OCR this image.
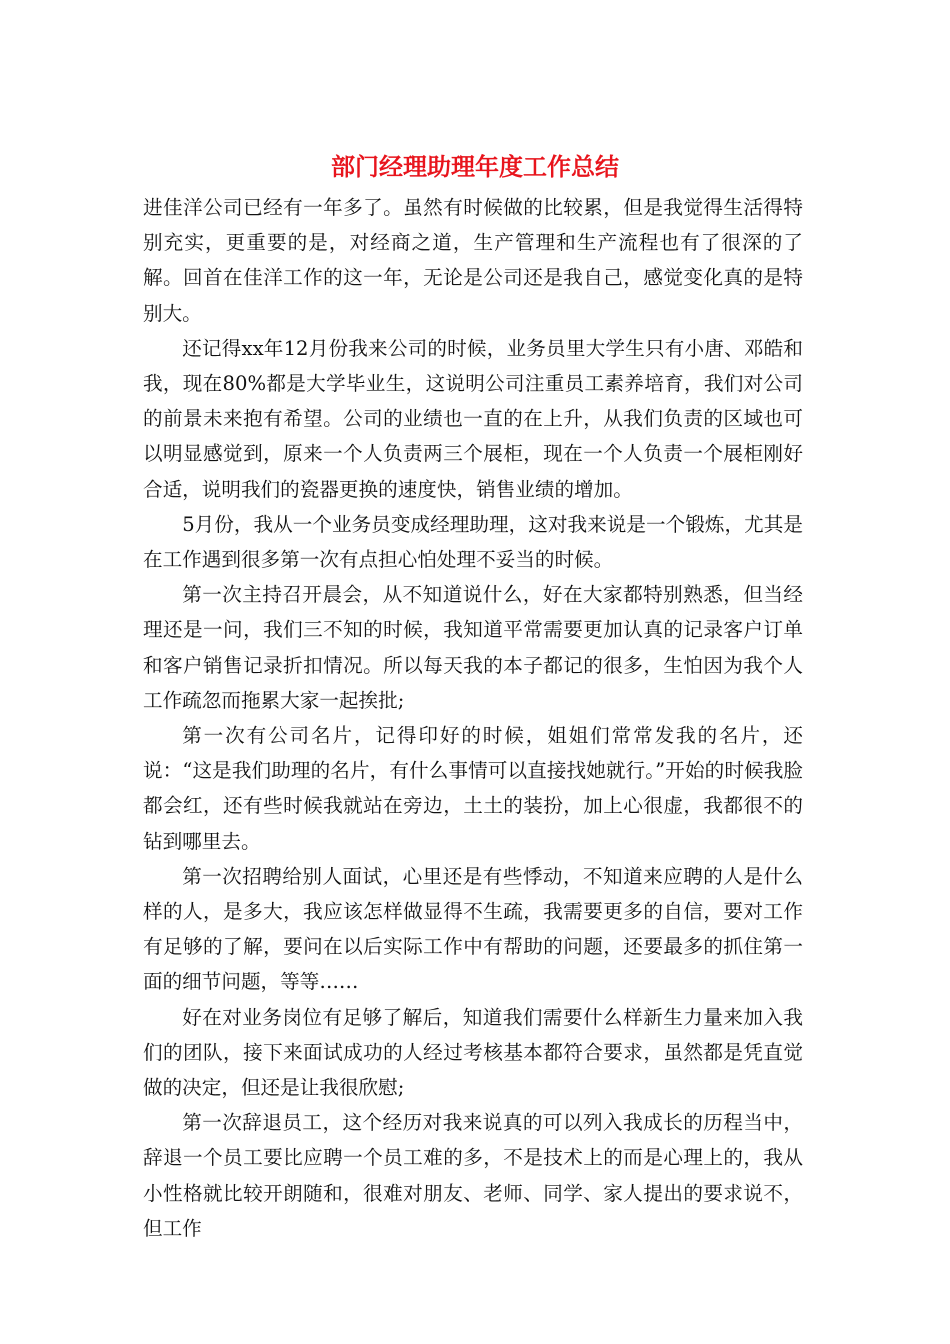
部门经理助理年度工作总结

进佳洋公司已经有一年多了。虽然有时候做的比较累，但是我觉得生活得特别充实，更重要的是，对经商之道，生产管理和生产流程也有了很深的了解。回首在佳洋工作的这一年，无论是公司还是我自己，感觉变化真的是特别大。

还记得xx年12月份我来公司的时候，业务员里大学生只有小唐、邓皓和我，现在80%都是大学毕业生，这说明公司注重员工素养培育，我们对公司的前景未来抱有希望。公司的业绩也一直的在上升，从我们负责的区域也可以明显感觉到，原来一个人负责两三个展柜，现在一个人负责一个展柜刚好合适，说明我们的瓷器更换的速度快，销售业绩的增加。

5月份，我从一个业务员变成经理助理，这对我来说是一个锻炼，尤其是在工作遇到很多第一次有点担心怕处理不妥当的时候。

第一次主持召开晨会，从不知道说什么，好在大家都特别熟悉，但当经理还是一问，我们三不知的时候，我知道平常需要更加认真的记录客户订单和客户销售记录折扣情况。所以每天我的本子都记的很多，生怕因为我个人工作疏忽而拖累大家一起挨批;

第一次有公司名片，记得印好的时候，姐姐们常常发我的名片，还说：“这是我们助理的名片，有什么事情可以直接找她就行。”开始的时候我脸都会红，还有些时候我就站在旁边，土土的装扮，加上心很虚，我都很不的钻到哪里去。

第一次招聘给别人面试，心里还是有些悸动，不知道来应聘的人是什么样的人，是多大，我应该怎样做显得不生疏，我需要更多的自信，要对工作有足够的了解，要问在以后实际工作中有帮助的问题，还要最多的抓住第一面的细节问题，等等……

好在对业务岗位有足够了解后，知道我们需要什么样新生力量来加入我们的团队，接下来面试成功的人经过考核基本都符合要求，虽然都是凭直觉做的决定，但还是让我很欣慰;

第一次辞退员工，这个经历对我来说真的可以列入我成长的历程当中，辞退一个员工要比应聘一个员工难的多，不是技术上的而是心理上的，我从小性格就比较开朗随和，很难对朋友、老师、同学、家人提出的要求说不，但工作
